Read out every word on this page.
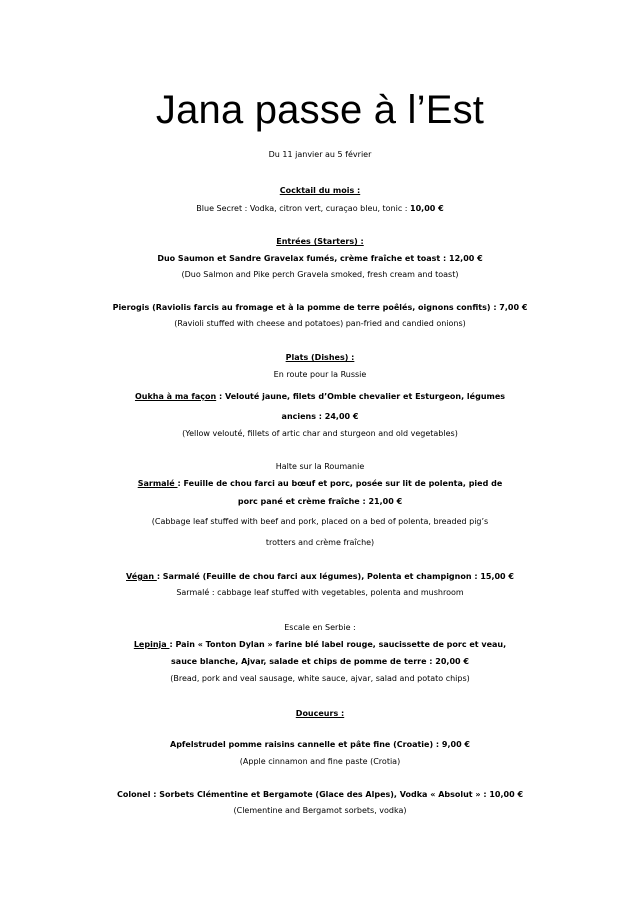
Jana passe à l’Est
Du 11 janvier au 5 février
Cocktail du mois :
Blue Secret : Vodka, citron vert, curaçao bleu, tonic : 10,00 €
Entrées (Starters) :
Duo Saumon et Sandre Gravelax fumés, crème fraîche et toast : 12,00 €
(Duo Salmon and Pike perch Gravela smoked, fresh cream and toast)
Pierogis (Raviolis farcis au fromage et à la pomme de terre poêlés, oignons confits) : 7,00 €
(Ravioli stuffed with cheese and potatoes) pan-fried and candied onions)
Plats (Dishes) :
En route pour la Russie
Oukha à ma façon : Velouté jaune, filets d’Omble chevalier et Esturgeon, légumes
anciens : 24,00 €
(Yellow velouté, fillets of artic char and sturgeon and old vegetables)
Halte sur la Roumanie
Sarmalé : Feuille de chou farci au bœuf et porc, posée sur lit de polenta, pied de
porc pané et crème fraîche : 21,00 €
(Cabbage leaf stuffed with beef and pork, placed on a bed of polenta, breaded pig’s
trotters and crème fraîche)
Végan : Sarmalé (Feuille de chou farci aux légumes), Polenta et champignon : 15,00 €
Sarmalé : cabbage leaf stuffed with vegetables, polenta and mushroom
Escale en Serbie :
Lepinja : Pain « Tonton Dylan » farine blé label rouge, saucissette de porc et veau,
sauce blanche, Ajvar, salade et chips de pomme de terre : 20,00 €
(Bread, pork and veal sausage, white sauce, ajvar, salad and potato chips)
Douceurs :
Apfelstrudel pomme raisins cannelle et pâte fine (Croatie) : 9,00 €
(Apple cinnamon and fine paste (Crotia)
Colonel : Sorbets Clémentine et Bergamote (Glace des Alpes), Vodka « Absolut » : 10,00 €
(Clementine and Bergamot sorbets, vodka)
